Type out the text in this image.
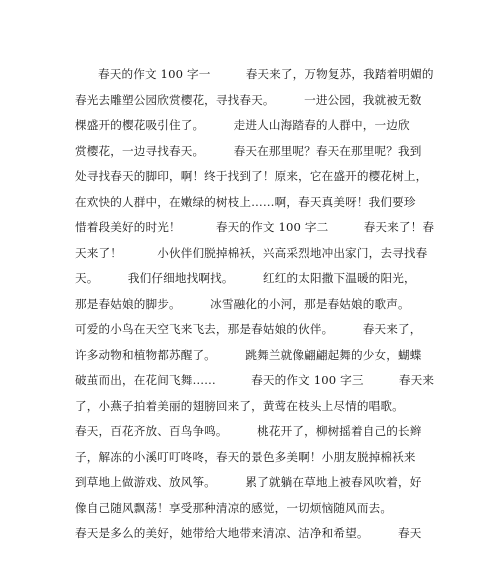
春天的作文 100 字一　　　春天来了，万物复苏，我踏着明媚的
春光去雕塑公园欣赏樱花，寻找春天。　　　一进公园，我就被无数
棵盛开的樱花吸引住了。　　　走进人山海踏春的人群中，一边欣
赏樱花，一边寻找春天。　　　春天在那里呢？春天在那里呢？我到
处寻找春天的脚印，啊！终于找到了！原来，它在盛开的樱花树上，
在欢快的人群中，在嫩绿的树枝上……啊，春天真美呀！我们要珍
惜着段美好的时光！　　　春天的作文 100 字二　　　春天来了！春
天来了！　　　小伙伴们脱掉棉袄，兴高采烈地冲出家门，去寻找春
天。　　　我们仔细地找啊找。　　　红红的太阳撒下温暖的阳光，
那是春姑娘的脚步。　　　冰雪融化的小河，那是春姑娘的歌声。
可爱的小鸟在天空飞来飞去，那是春姑娘的伙伴。　　　春天来了，
许多动物和植物都苏醒了。　　　跳舞兰就像翩翩起舞的少女，蝴蝶
破茧而出，在花间飞舞……　　　春天的作文 100 字三　　　春天来
了，小燕子拍着美丽的翅膀回来了，黄莺在枝头上尽情的唱歌。
春天，百花齐放、百鸟争鸣。　　　桃花开了，柳树摇着自己的长辫
子，解冻的小溪叮叮咚咚，春天的景色多美啊！小朋友脱掉棉袄来
到草地上做游戏、放风筝。　　　累了就躺在草地上被春风吹着，好
像自己随风飘荡！享受那种清凉的感觉，一切烦恼随风而去。
春天是多么的美好，她带给大地带来清凉、洁净和希望。　　　春天
